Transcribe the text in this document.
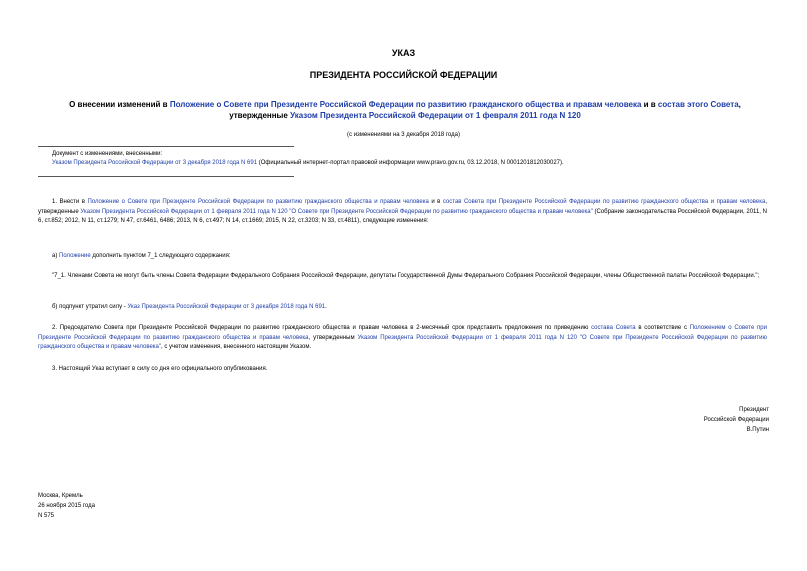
УКАЗ
ПРЕЗИДЕНТА РОССИЙСКОЙ ФЕДЕРАЦИИ
О внесении изменений в Положение о Совете при Президенте Российской Федерации по развитию гражданского общества и правам человека и в состав этого Совета, утвержденные Указом Президента Российской Федерации от 1 февраля 2011 года N 120
(с изменениями на 3 декабря 2018 года)
Документ с изменениями, внесенными:
Указом Президента Российской Федерации от 3 декабря 2018 года N 691 (Официальный интернет-портал правовой информации www.pravo.gov.ru, 03.12.2018, N 0001201812030027).
1. Внести в Положение о Совете при Президенте Российской Федерации по развитию гражданского общества и правам человека и в состав Совета при Президенте Российской Федерации по развитию гражданского общества и правам человека, утвержденные Указом Президента Российской Федерации от 1 февраля 2011 года N 120 "О Совете при Президенте Российской Федерации по развитию гражданского общества и правам человека" (Собрание законодательства Российской Федерации, 2011, N 6, ст.852; 2012, N 11, ст.1279; N 47, ст.6461, 6486; 2013, N 6, ст.497; N 14, ст.1669; 2015, N 22, ст.3203; N 33, ст.4811), следующие изменения:
а) Положение дополнить пунктом 7_1 следующего содержания:
"7_1. Членами Совета не могут быть члены Совета Федерации Федерального Собрания Российской Федерации, депутаты Государственной Думы Федерального Собрания Российской Федерации, члены Общественной палаты Российской Федерации.";
б) подпункт утратил силу - Указ Президента Российской Федерации от 3 декабря 2018 года N 691.
2. Председателю Совета при Президенте Российской Федерации по развитию гражданского общества и правам человека в 2-месячный срок представить предложения по приведению состава Совета в соответствие с Положением о Совете при Президенте Российской Федерации по развитию гражданского общества и правам человека, утвержденным Указом Президента Российской Федерации от 1 февраля 2011 года N 120 "О Совете при Президенте Российской Федерации по развитию гражданского общества и правам человека", с учетом изменения, внесенного настоящим Указом.
3. Настоящий Указ вступает в силу со дня его официального опубликования.
Президент
Российской Федерации
В.Путин
Москва, Кремль
26 ноября 2015 года
N 575
